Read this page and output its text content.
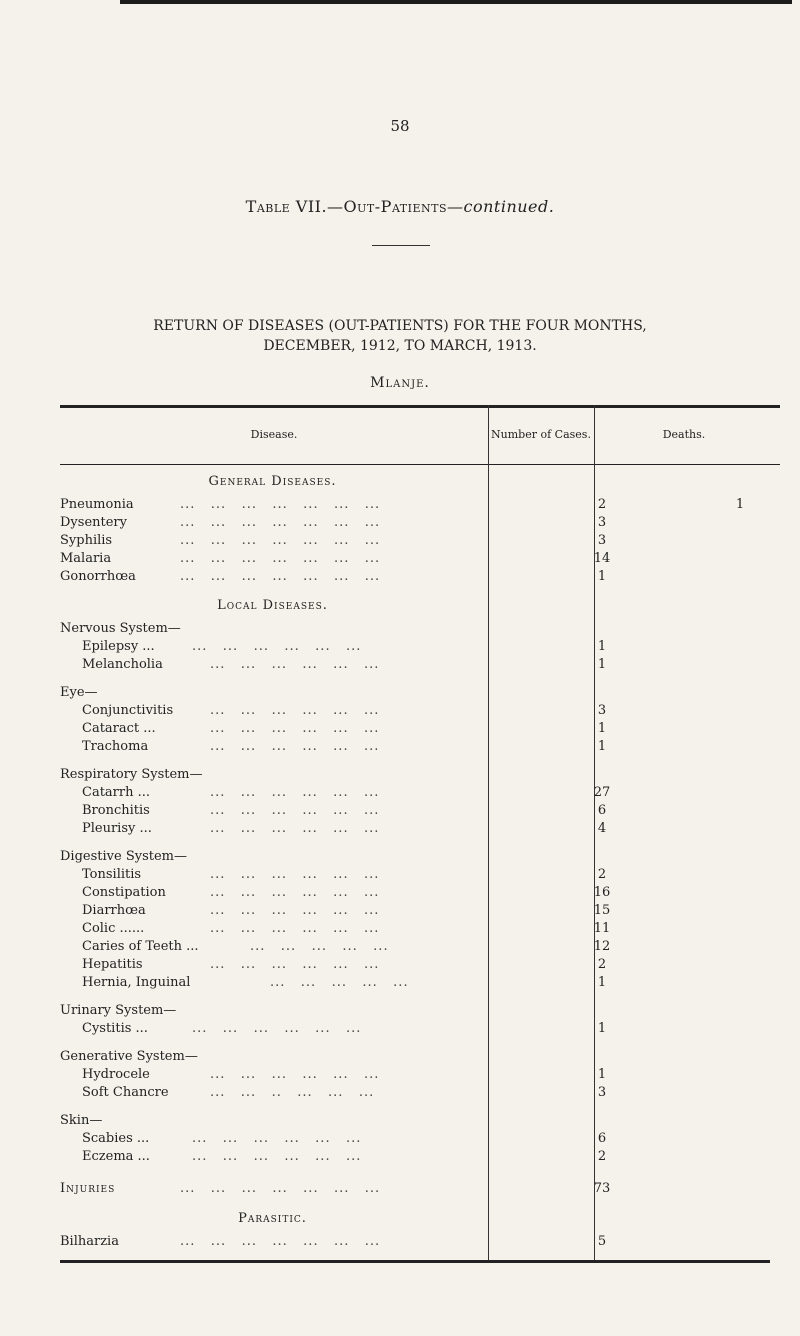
58
Table VII.—Out-Patients—continued.
RETURN OF DISEASES (OUT-PATIENTS) FOR THE FOUR MONTHS,
DECEMBER, 1912, TO MARCH, 1913.
Mlanje.
Disease.	Number of Cases.	Deaths.
General Diseases.
Pneumonia	...   ...   ...   ...   ...   ...   ...	2	1
Dysentery	...   ...   ...   ...   ...   ...   ...	3
Syphilis	...   ...   ...   ...   ...   ...   ...	3
Malaria	...   ...   ...   ...   ...   ...   ...	14
Gonorrhœa	...   ...   ...   ...   ...   ...   ...	1
Local Diseases.
Nervous System—
Epilepsy ...	...   ...   ...   ...   ...   ...	1
Melancholia	...   ...   ...   ...   ...   ...	1
Eye—
Conjunctivitis	...   ...   ...   ...   ...   ...	3
Cataract ...	...   ...   ...   ...   ...   ...	1
Trachoma	...   ...   ...   ...   ...   ...	1
Respiratory System—
Catarrh ...	...   ...   ...   ...   ...   ...	27
Bronchitis	...   ...   ...   ...   ...   ...	6
Pleurisy ...	...   ...   ...   ...   ...   ...	4
Digestive System—
Tonsilitis	...   ...   ...   ...   ...   ...	2
Constipation	...   ...   ...   ...   ...   ...	16
Diarrhœa	...   ...   ...   ...   ...   ...	15
Colic ......	...   ...   ...   ...   ...   ...	11
Caries of Teeth ...	...   ...   ...   ...   ...	12
Hepatitis	...   ...   ...   ...   ...   ...	2
Hernia, Inguinal	...   ...   ...   ...   ...	1
Urinary System—
Cystitis ...	...   ...   ...   ...   ...   ...	1
Generative System—
Hydrocele	...   ...   ...   ...   ...   ...	1
Soft Chancre	...   ...   ..   ...   ...   ...	3
Skin—
Scabies ...	...   ...   ...   ...   ...   ...	6
Eczema ...	...   ...   ...   ...   ...   ...	2
Injuries	...   ...   ...   ...   ...   ...   ...	73
Parasitic.
Bilharzia	...   ...   ...   ...   ...   ...   ...	5
